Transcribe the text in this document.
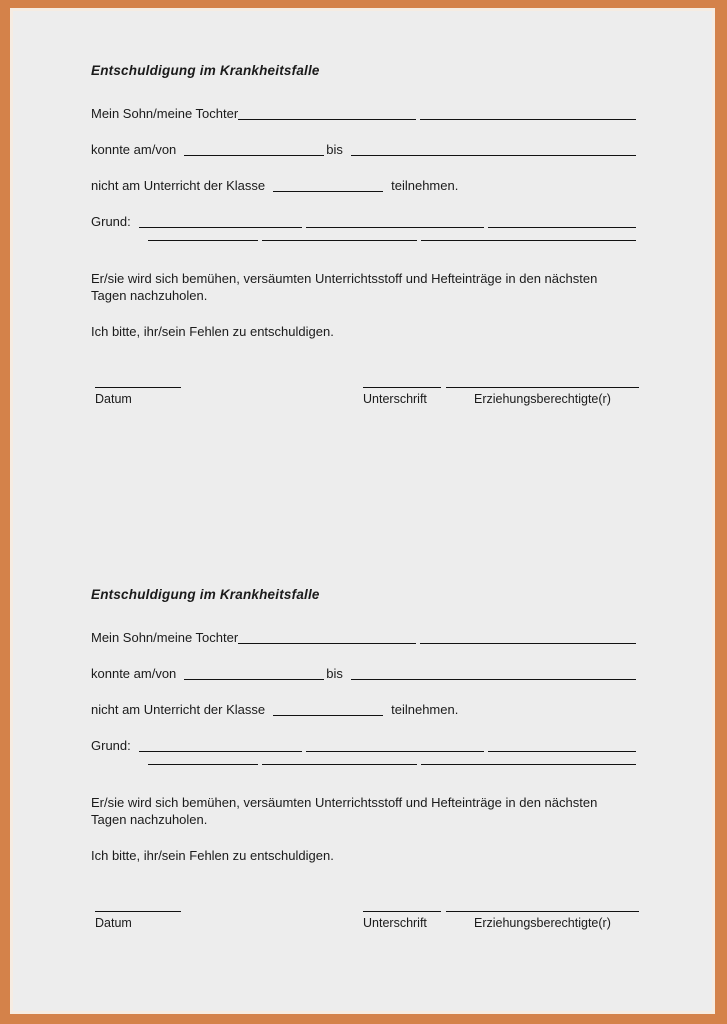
Entschuldigung im Krankheitsfalle
Mein Sohn/meine Tochter
konnte am/von	bis
nicht am Unterricht der Klasse	teilnehmen.
Grund:

Er/sie wird sich bemühen, versäumten Unterrichtsstoff und Hefteinträge in den nächsten Tagen nachzuholen.

Ich bitte, ihr/sein Fehlen zu entschuldigen.

Datum	Unterschrift	Erziehungsberechtigte(r)
Entschuldigung im Krankheitsfalle
Mein Sohn/meine Tochter
konnte am/von	bis
nicht am Unterricht der Klasse	teilnehmen.
Grund:

Er/sie wird sich bemühen, versäumten Unterrichtsstoff und Hefteinträge in den nächsten Tagen nachzuholen.

Ich bitte, ihr/sein Fehlen zu entschuldigen.

Datum	Unterschrift	Erziehungsberechtigte(r)
